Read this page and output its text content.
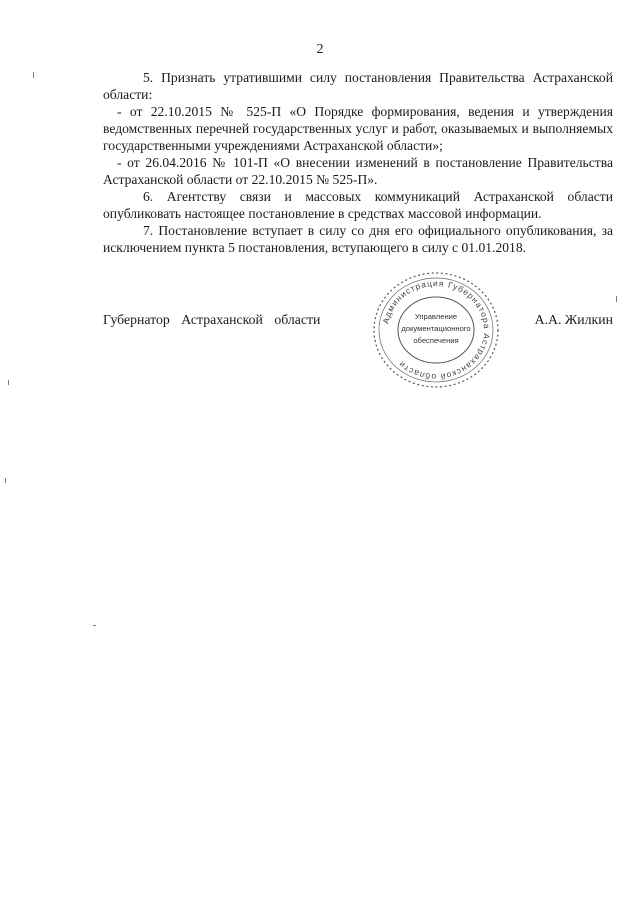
2

5. Признать утратившими силу постановления Правительства Астраханской области:

- от 22.10.2015 № 525-П «О Порядке формирования, ведения и утверждения ведомственных перечней государственных услуг и работ, оказываемых и выполняемых государственными учреждениями Астраханской области»;

- от 26.04.2016 № 101-П «О внесении изменений в постановление Правительства Астраханской области от 22.10.2015 № 525-П».

6. Агентству связи и массовых коммуникаций Астраханской области опубликовать настоящее постановление в средствах массовой информации.

7. Постановление вступает в силу со дня его официального опубликования, за исключением пункта 5 постановления, вступающего в силу с 01.01.2018.

Губернатор Астраханской области	А.А. Жилкин
Администрация Губернатора Астраханской области
Управление
документационного
обеспечения
